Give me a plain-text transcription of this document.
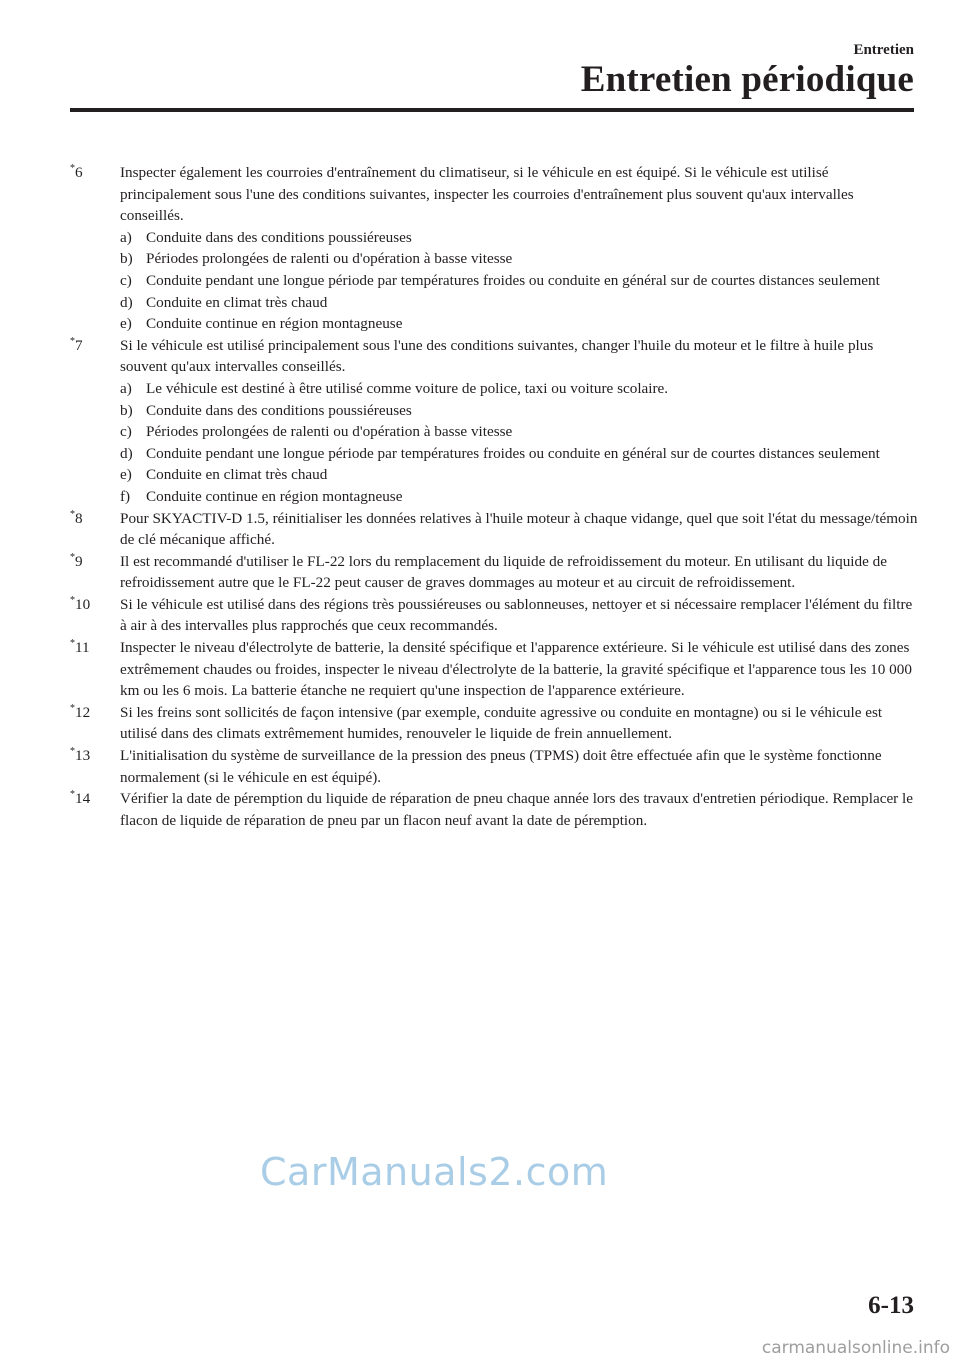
Entretien
Entretien périodique
*6 Inspecter également les courroies d'entraînement du climatiseur, si le véhicule en est équipé. Si le véhicule est utilisé principalement sous l'une des conditions suivantes, inspecter les courroies d'entraînement plus souvent qu'aux intervalles conseillés.
a) Conduite dans des conditions poussiéreuses
b) Périodes prolongées de ralenti ou d'opération à basse vitesse
c) Conduite pendant une longue période par températures froides ou conduite en général sur de courtes distances seulement
d) Conduite en climat très chaud
e) Conduite continue en région montagneuse
*7 Si le véhicule est utilisé principalement sous l'une des conditions suivantes, changer l'huile du moteur et le filtre à huile plus souvent qu'aux intervalles conseillés.
a) Le véhicule est destiné à être utilisé comme voiture de police, taxi ou voiture scolaire.
b) Conduite dans des conditions poussiéreuses
c) Périodes prolongées de ralenti ou d'opération à basse vitesse
d) Conduite pendant une longue période par températures froides ou conduite en général sur de courtes distances seulement
e) Conduite en climat très chaud
f) Conduite continue en région montagneuse
*8 Pour SKYACTIV-D 1.5, réinitialiser les données relatives à l'huile moteur à chaque vidange, quel que soit l'état du message/témoin de clé mécanique affiché.
*9 Il est recommandé d'utiliser le FL-22 lors du remplacement du liquide de refroidissement du moteur. En utilisant du liquide de refroidissement autre que le FL-22 peut causer de graves dommages au moteur et au circuit de refroidissement.
*10 Si le véhicule est utilisé dans des régions très poussiéreuses ou sablonneuses, nettoyer et si nécessaire remplacer l'élément du filtre à air à des intervalles plus rapprochés que ceux recommandés.
*11 Inspecter le niveau d'électrolyte de batterie, la densité spécifique et l'apparence extérieure. Si le véhicule est utilisé dans des zones extrêmement chaudes ou froides, inspecter le niveau d'électrolyte de la batterie, la gravité spécifique et l'apparence tous les 10 000 km ou les 6 mois. La batterie étanche ne requiert qu'une inspection de l'apparence extérieure.
*12 Si les freins sont sollicités de façon intensive (par exemple, conduite agressive ou conduite en montagne) ou si le véhicule est utilisé dans des climats extrêmement humides, renouveler le liquide de frein annuellement.
*13 L'initialisation du système de surveillance de la pression des pneus (TPMS) doit être effectuée afin que le système fonctionne normalement (si le véhicule en est équipé).
*14 Vérifier la date de péremption du liquide de réparation de pneu chaque année lors des travaux d'entretien périodique. Remplacer le flacon de liquide de réparation de pneu par un flacon neuf avant la date de péremption.
CarManuals2.com
6-13
carmanualsonline.info
